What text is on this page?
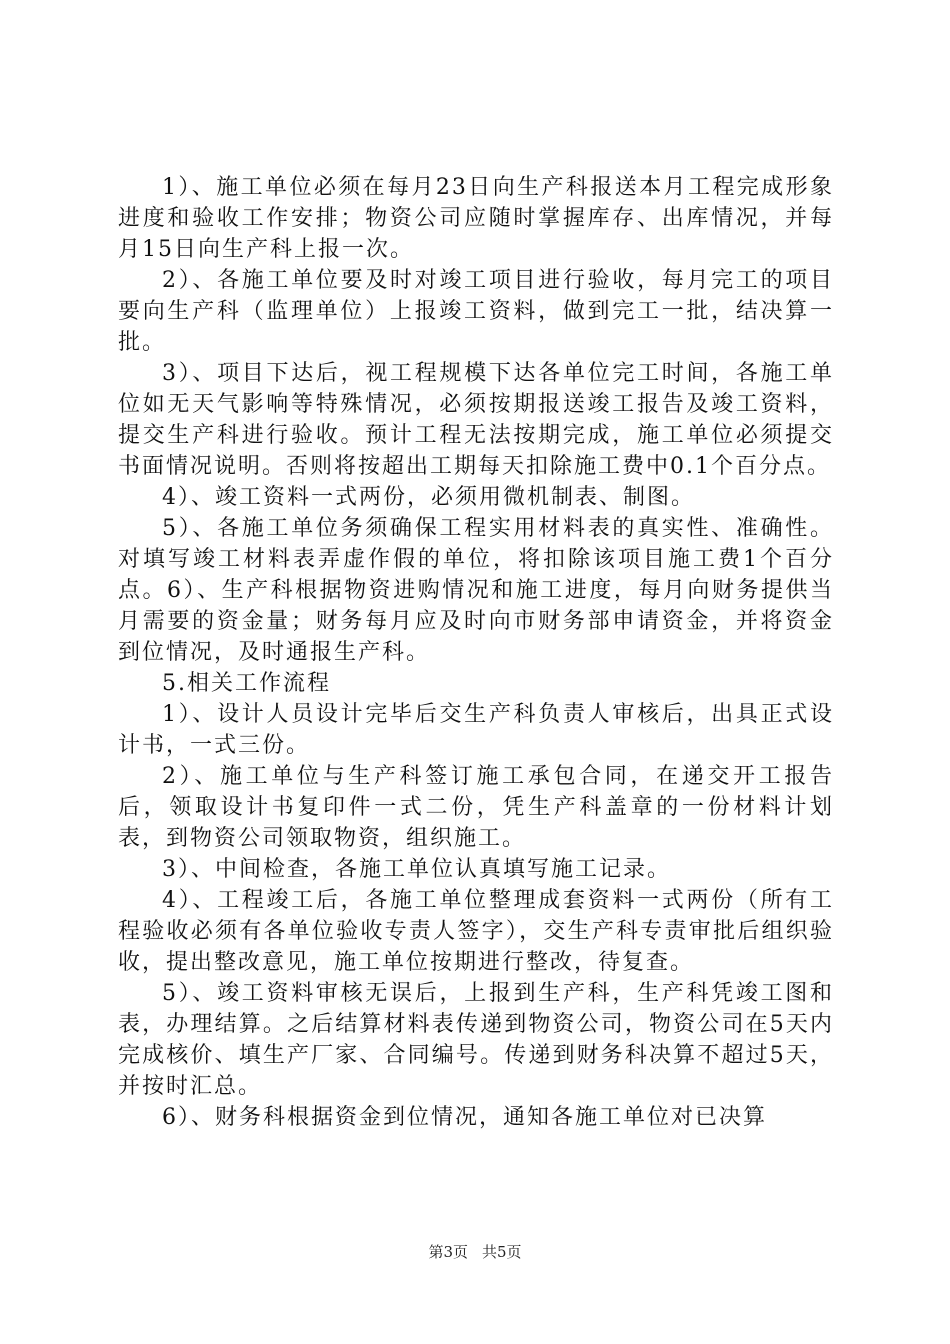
1）、施工单位必须在每月23日向生产科报送本月工程完成形象进度和验收工作安排；物资公司应随时掌握库存、出库情况，并每月15日向生产科上报一次。

2）、各施工单位要及时对竣工项目进行验收，每月完工的项目要向生产科（监理单位）上报竣工资料，做到完工一批，结决算一批。

3）、项目下达后，视工程规模下达各单位完工时间，各施工单位如无天气影响等特殊情况，必须按期报送竣工报告及竣工资料，提交生产科进行验收。预计工程无法按期完成，施工单位必须提交书面情况说明。否则将按超出工期每天扣除施工费中0.1个百分点。

4）、竣工资料一式两份，必须用微机制表、制图。

5）、各施工单位务须确保工程实用材料表的真实性、准确性。对填写竣工材料表弄虚作假的单位，将扣除该项目施工费1个百分点。6）、生产科根据物资进购情况和施工进度，每月向财务提供当月需要的资金量；财务每月应及时向市财务部申请资金，并将资金到位情况，及时通报生产科。

5.相关工作流程

1）、设计人员设计完毕后交生产科负责人审核后，出具正式设计书，一式三份。

2）、施工单位与生产科签订施工承包合同，在递交开工报告后，领取设计书复印件一式二份，凭生产科盖章的一份材料计划表，到物资公司领取物资，组织施工。

3）、中间检查，各施工单位认真填写施工记录。

4）、工程竣工后，各施工单位整理成套资料一式两份（所有工程验收必须有各单位验收专责人签字），交生产科专责审批后组织验收，提出整改意见，施工单位按期进行整改，待复查。

5）、竣工资料审核无误后，上报到生产科，生产科凭竣工图和表，办理结算。之后结算材料表传递到物资公司，物资公司在5天内完成核价、填生产厂家、合同编号。传递到财务科决算不超过5天，并按时汇总。

6）、财务科根据资金到位情况，通知各施工单位对已决算

第3页 共5页
